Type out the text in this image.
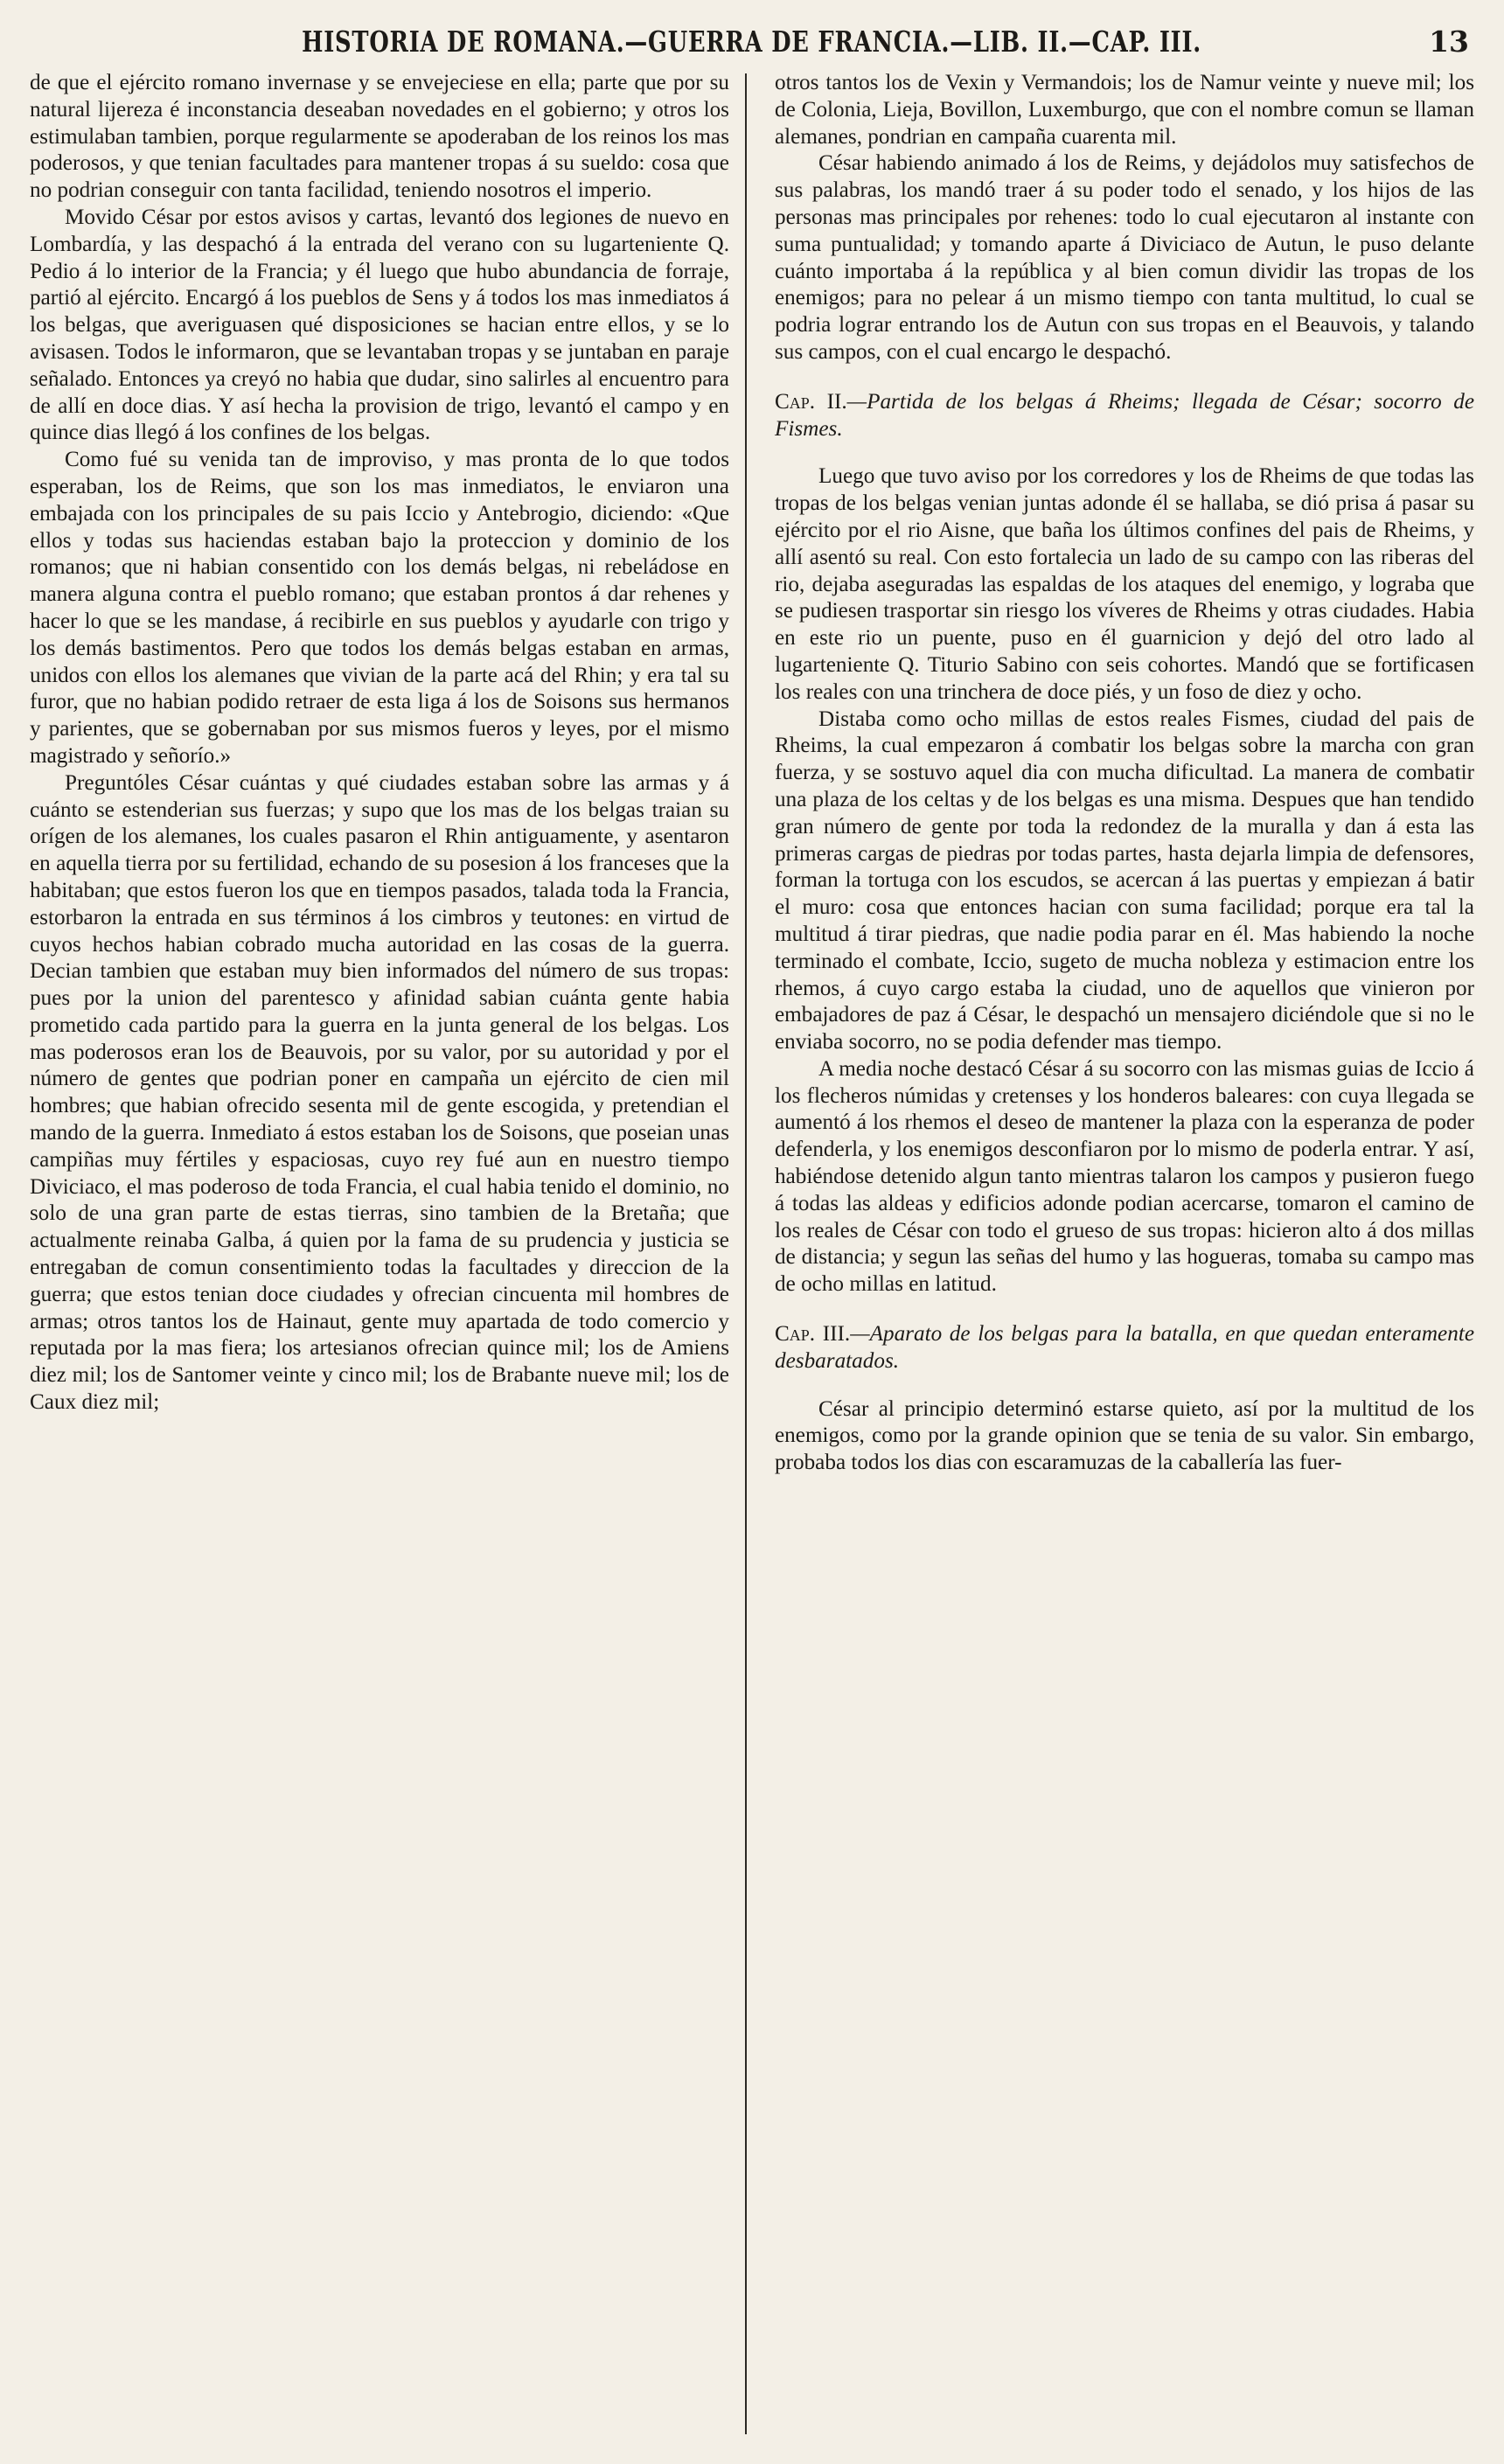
HISTORIA DE ROMANA.—GUERRA DE FRANCIA.—LIB. II.—CAP. III.	13

de que el ejército romano invernase y se envejeciese en ella; parte que por su natural lijereza é inconstancia deseaban novedades en el gobierno; y otros los estimulaban tambien, porque regularmente se apoderaban de los reinos los mas poderosos, y que tenian facultades para mantener tropas á su sueldo: cosa que no podrian conseguir con tanta facilidad, teniendo nosotros el imperio.

Movido César por estos avisos y cartas, levantó dos legiones de nuevo en Lombardía, y las despachó á la entrada del verano con su lugarteniente Q. Pedio á lo interior de la Francia; y él luego que hubo abundancia de forraje, partió al ejército. Encargó á los pueblos de Sens y á todos los mas inmediatos á los belgas, que averiguasen qué disposiciones se hacian entre ellos, y se lo avisasen. Todos le informaron, que se levantaban tropas y se juntaban en paraje señalado. Entonces ya creyó no habia que dudar, sino salirles al encuentro para de allí en doce dias. Y así hecha la provision de trigo, levantó el campo y en quince dias llegó á los confines de los belgas.

Como fué su venida tan de improviso, y mas pronta de lo que todos esperaban, los de Reims, que son los mas inmediatos, le enviaron una embajada con los principales de su pais Iccio y Antebrogio, diciendo: «Que ellos y todas sus haciendas estaban bajo la proteccion y dominio de los romanos; que ni habian consentido con los demás belgas, ni rebeládose en manera alguna contra el pueblo romano; que estaban prontos á dar rehenes y hacer lo que se les mandase, á recibirle en sus pueblos y ayudarle con trigo y los demás bastimentos. Pero que todos los demás belgas estaban en armas, unidos con ellos los alemanes que vivian de la parte acá del Rhin; y era tal su furor, que no habian podido retraer de esta liga á los de Soisons sus hermanos y parientes, que se gobernaban por sus mismos fueros y leyes, por el mismo magistrado y señorío.»

Preguntóles César cuántas y qué ciudades estaban sobre las armas y á cuánto se estenderian sus fuerzas; y supo que los mas de los belgas traian su orígen de los alemanes, los cuales pasaron el Rhin antiguamente, y asentaron en aquella tierra por su fertilidad, echando de su posesion á los franceses que la habitaban; que estos fueron los que en tiempos pasados, talada toda la Francia, estorbaron la entrada en sus términos á los cimbros y teutones: en virtud de cuyos hechos habian cobrado mucha autoridad en las cosas de la guerra. Decian tambien que estaban muy bien informados del número de sus tropas: pues por la union del parentesco y afinidad sabian cuánta gente habia prometido cada partido para la guerra en la junta general de los belgas. Los mas poderosos eran los de Beauvois, por su valor, por su autoridad y por el número de gentes que podrian poner en campaña un ejército de cien mil hombres; que habian ofrecido sesenta mil de gente escogida, y pretendian el mando de la guerra. Inmediato á estos estaban los de Soisons, que poseian unas campiñas muy fértiles y espaciosas, cuyo rey fué aun en nuestro tiempo Diviciaco, el mas poderoso de toda Francia, el cual habia tenido el dominio, no solo de una gran parte de estas tierras, sino tambien de la Bretaña; que actualmente reinaba Galba, á quien por la fama de su prudencia y justicia se entregaban de comun consentimiento todas la facultades y direccion de la guerra; que estos tenian doce ciudades y ofrecian cincuenta mil hombres de armas; otros tantos los de Hainaut, gente muy apartada de todo comercio y reputada por la mas fiera; los artesianos ofrecian quince mil; los de Amiens diez mil; los de Santomer veinte y cinco mil; los de Brabante nueve mil; los de Caux diez mil;

otros tantos los de Vexin y Vermandois; los de Namur veinte y nueve mil; los de Colonia, Lieja, Bovillon, Luxemburgo, que con el nombre comun se llaman alemanes, pondrian en campaña cuarenta mil.

César habiendo animado á los de Reims, y dejádolos muy satisfechos de sus palabras, los mandó traer á su poder todo el senado, y los hijos de las personas mas principales por rehenes: todo lo cual ejecutaron al instante con suma puntualidad; y tomando aparte á Diviciaco de Autun, le puso delante cuánto importaba á la república y al bien comun dividir las tropas de los enemigos; para no pelear á un mismo tiempo con tanta multitud, lo cual se podria lograr entrando los de Autun con sus tropas en el Beauvois, y talando sus campos, con el cual encargo le despachó.

Cap. II.—Partida de los belgas á Rheims; llegada de César; socorro de Fismes.

Luego que tuvo aviso por los corredores y los de Rheims de que todas las tropas de los belgas venian juntas adonde él se hallaba, se dió prisa á pasar su ejército por el rio Aisne, que baña los últimos confines del pais de Rheims, y allí asentó su real. Con esto fortalecia un lado de su campo con las riberas del rio, dejaba aseguradas las espaldas de los ataques del enemigo, y lograba que se pudiesen trasportar sin riesgo los víveres de Rheims y otras ciudades. Habia en este rio un puente, puso en él guarnicion y dejó del otro lado al lugarteniente Q. Titurio Sabino con seis cohortes. Mandó que se fortificasen los reales con una trinchera de doce piés, y un foso de diez y ocho.

Distaba como ocho millas de estos reales Fismes, ciudad del pais de Rheims, la cual empezaron á combatir los belgas sobre la marcha con gran fuerza, y se sostuvo aquel dia con mucha dificultad. La manera de combatir una plaza de los celtas y de los belgas es una misma. Despues que han tendido gran número de gente por toda la redondez de la muralla y dan á esta las primeras cargas de piedras por todas partes, hasta dejarla limpia de defensores, forman la tortuga con los escudos, se acercan á las puertas y empiezan á batir el muro: cosa que entonces hacian con suma facilidad; porque era tal la multitud á tirar piedras, que nadie podia parar en él. Mas habiendo la noche terminado el combate, Iccio, sugeto de mucha nobleza y estimacion entre los rhemos, á cuyo cargo estaba la ciudad, uno de aquellos que vinieron por embajadores de paz á César, le despachó un mensajero diciéndole que si no le enviaba socorro, no se podia defender mas tiempo.

A media noche destacó César á su socorro con las mismas guias de Iccio á los flecheros númidas y cretenses y los honderos baleares: con cuya llegada se aumentó á los rhemos el deseo de mantener la plaza con la esperanza de poder defenderla, y los enemigos desconfiaron por lo mismo de poderla entrar. Y así, habiéndose detenido algun tanto mientras talaron los campos y pusieron fuego á todas las aldeas y edificios adonde podian acercarse, tomaron el camino de los reales de César con todo el grueso de sus tropas: hicieron alto á dos millas de distancia; y segun las señas del humo y las hogueras, tomaba su campo mas de ocho millas en latitud.

Cap. III.—Aparato de los belgas para la batalla, en que quedan enteramente desbaratados.

César al principio determinó estarse quieto, así por la multitud de los enemigos, como por la grande opinion que se tenia de su valor. Sin embargo, probaba todos los dias con escaramuzas de la caballería las fuer-
